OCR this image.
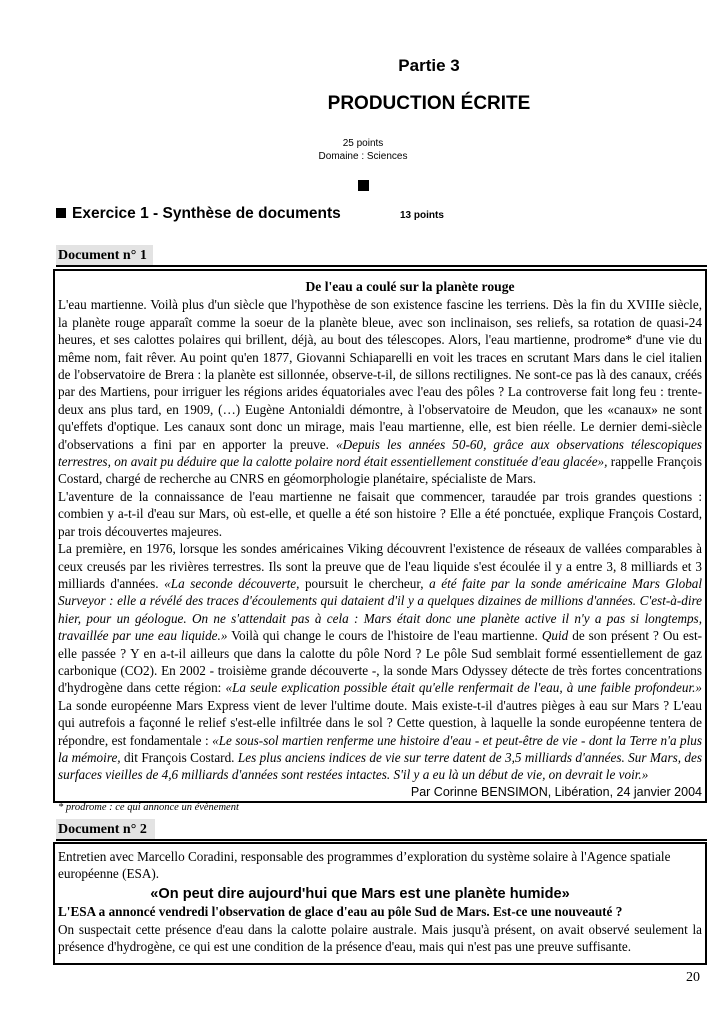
Partie 3
PRODUCTION ÉCRITE
25 points
Domaine : Sciences
Exercice 1 - Synthèse de documents	13 points
Document n° 1
De l'eau a coulé sur la planète rouge

L'eau martienne. Voilà plus d'un siècle que l'hypothèse de son existence fascine les terriens. Dès la fin du XVIIIe siècle, la planète rouge apparaît comme la soeur de la planète bleue, avec son inclinaison, ses reliefs, sa rotation de quasi-24 heures, et ses calottes polaires qui brillent, déjà, au bout des télescopes. Alors, l'eau martienne, prodrome* d'une vie du même nom, fait rêver. Au point qu'en 1877, Giovanni Schiaparelli en voit les traces en scrutant Mars dans le ciel italien de l'observatoire de Brera : la planète est sillonnée, observe-t-il, de sillons rectilignes. Ne sont-ce pas là des canaux, créés par des Martiens, pour irriguer les régions arides équatoriales avec l'eau des pôles ? La controverse fait long feu : trente-deux ans plus tard, en 1909, (…) Eugène Antonialdi démontre, à l'observatoire de Meudon, que les «canaux» ne sont qu'effets d'optique. Les canaux sont donc un mirage, mais l'eau martienne, elle, est bien réelle. Le dernier demi-siècle d'observations a fini par en apporter la preuve. «Depuis les années 50-60, grâce aux observations télescopiques terrestres, on avait pu déduire que la calotte polaire nord était essentiellement constituée d'eau glacée», rappelle François Costard, chargé de recherche au CNRS en géomorphologie planétaire, spécialiste de Mars.

L'aventure de la connaissance de l'eau martienne ne faisait que commencer, taraudée par trois grandes questions : combien y a-t-il d'eau sur Mars, où est-elle, et quelle a été son histoire ? Elle a été ponctuée, explique François Costard, par trois découvertes majeures.

La première, en 1976, lorsque les sondes américaines Viking découvrent l'existence de réseaux de vallées comparables à ceux creusés par les rivières terrestres. Ils sont la preuve que de l'eau liquide s'est écoulée il y a entre 3, 8 milliards et 3 milliards d'années. «La seconde découverte, poursuit le chercheur, a été faite par la sonde américaine Mars Global Surveyor : elle a révélé des traces d'écoulements qui dataient d'il y a quelques dizaines de millions d'années. C'est-à-dire hier, pour un géologue. On ne s'attendait pas à cela : Mars était donc une planète active il n'y a pas si longtemps, travaillée par une eau liquide.» Voilà qui change le cours de l'histoire de l'eau martienne. Quid de son présent ? Ou est-elle passée ? Y en a-t-il ailleurs que dans la calotte du pôle Nord ? Le pôle Sud semblait formé essentiellement de gaz carbonique (CO2). En 2002 - troisième grande découverte -, la sonde Mars Odyssey détecte de très fortes concentrations d'hydrogène dans cette région: «La seule explication possible était qu'elle renfermait de l'eau, à une faible profondeur.» La sonde européenne Mars Express vient de lever l'ultime doute. Mais existe-t-il d'autres pièges à eau sur Mars ? L'eau qui autrefois a façonné le relief s'est-elle infiltrée dans le sol ? Cette question, à laquelle la sonde européenne tentera de répondre, est fondamentale : «Le sous-sol martien renferme une histoire d'eau - et peut-être de vie - dont la Terre n'a plus la mémoire, dit François Costard. Les plus anciens indices de vie sur terre datent de 3,5 milliards d'années. Sur Mars, des surfaces vieilles de 4,6 milliards d'années sont restées intactes. S'il y a eu là un début de vie, on devrait le voir.»

Par Corinne BENSIMON, Libération, 24 janvier 2004

* prodrome : ce qui annonce un évènement

Document n° 2

Entretien avec Marcello Coradini, responsable des programmes d’exploration du système solaire à l'Agence spatiale européenne (ESA).

«On peut dire aujourd'hui que Mars est une planète humide»

L'ESA a annoncé vendredi l'observation de glace d'eau au pôle Sud de Mars. Est-ce une nouveauté ?

On suspectait cette présence d'eau dans la calotte polaire australe. Mais jusqu'à présent, on avait observé seulement la présence d'hydrogène, ce qui est une condition de la présence d'eau, mais qui n'est pas une preuve suffisante.

20
